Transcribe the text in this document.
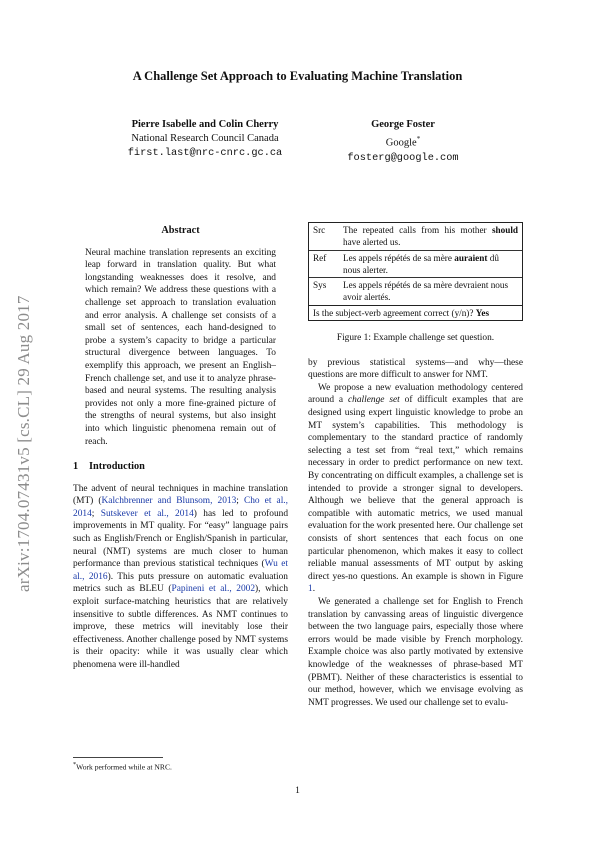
A Challenge Set Approach to Evaluating Machine Translation
Pierre Isabelle and Colin Cherry
National Research Council Canada
first.last@nrc-cnrc.gc.ca
George Foster
Google*
fosterg@google.com
arXiv:1704.07431v5 [cs.CL] 29 Aug 2017
Abstract

Neural machine translation represents an exciting leap forward in translation quality. But what longstanding weaknesses does it resolve, and which remain? We address these questions with a challenge set approach to translation evaluation and error analysis. A challenge set consists of a small set of sentences, each hand-designed to probe a system’s capacity to bridge a particular structural divergence between languages. To exemplify this approach, we present an English–French challenge set, and use it to analyze phrase-based and neural systems. The resulting analysis provides not only a more fine-grained picture of the strengths of neural systems, but also insight into which linguistic phenomena remain out of reach.

1 Introduction

The advent of neural techniques in machine translation (MT) (Kalchbrenner and Blunsom, 2013; Cho et al., 2014; Sutskever et al., 2014) has led to profound improvements in MT quality. For “easy” language pairs such as English/French or English/Spanish in particular, neural (NMT) systems are much closer to human performance than previous statistical techniques (Wu et al., 2016). This puts pressure on automatic evaluation metrics such as BLEU (Papineni et al., 2002), which exploit surface-matching heuristics that are relatively insensitive to subtle differences. As NMT continues to improve, these metrics will inevitably lose their effectiveness. Another challenge posed by NMT systems is their opacity: while it was usually clear which phenomena were ill-handled

Src	The repeated calls from his mother should have alerted us.
Ref	Les appels répétés de sa mère auraient dû nous alerter.
Sys	Les appels répétés de sa mère devraient nous avoir alertés.
Is the subject-verb agreement correct (y/n)? Yes
Figure 1: Example challenge set question.

by previous statistical systems—and why—these questions are more difficult to answer for NMT.

We propose a new evaluation methodology centered around a challenge set of difficult examples that are designed using expert linguistic knowledge to probe an MT system’s capabilities. This methodology is complementary to the standard practice of randomly selecting a test set from “real text,” which remains necessary in order to predict performance on new text. By concentrating on difficult examples, a challenge set is intended to provide a stronger signal to developers. Although we believe that the general approach is compatible with automatic metrics, we used manual evaluation for the work presented here. Our challenge set consists of short sentences that each focus on one particular phenomenon, which makes it easy to collect reliable manual assessments of MT output by asking direct yes-no questions. An example is shown in Figure 1.

We generated a challenge set for English to French translation by canvassing areas of linguistic divergence between the two language pairs, especially those where errors would be made visible by French morphology. Example choice was also partly motivated by extensive knowledge of the weaknesses of phrase-based MT (PBMT). Neither of these characteristics is essential to our method, however, which we envisage evolving as NMT progresses. We used our challenge set to evalu-

*Work performed while at NRC.
1
